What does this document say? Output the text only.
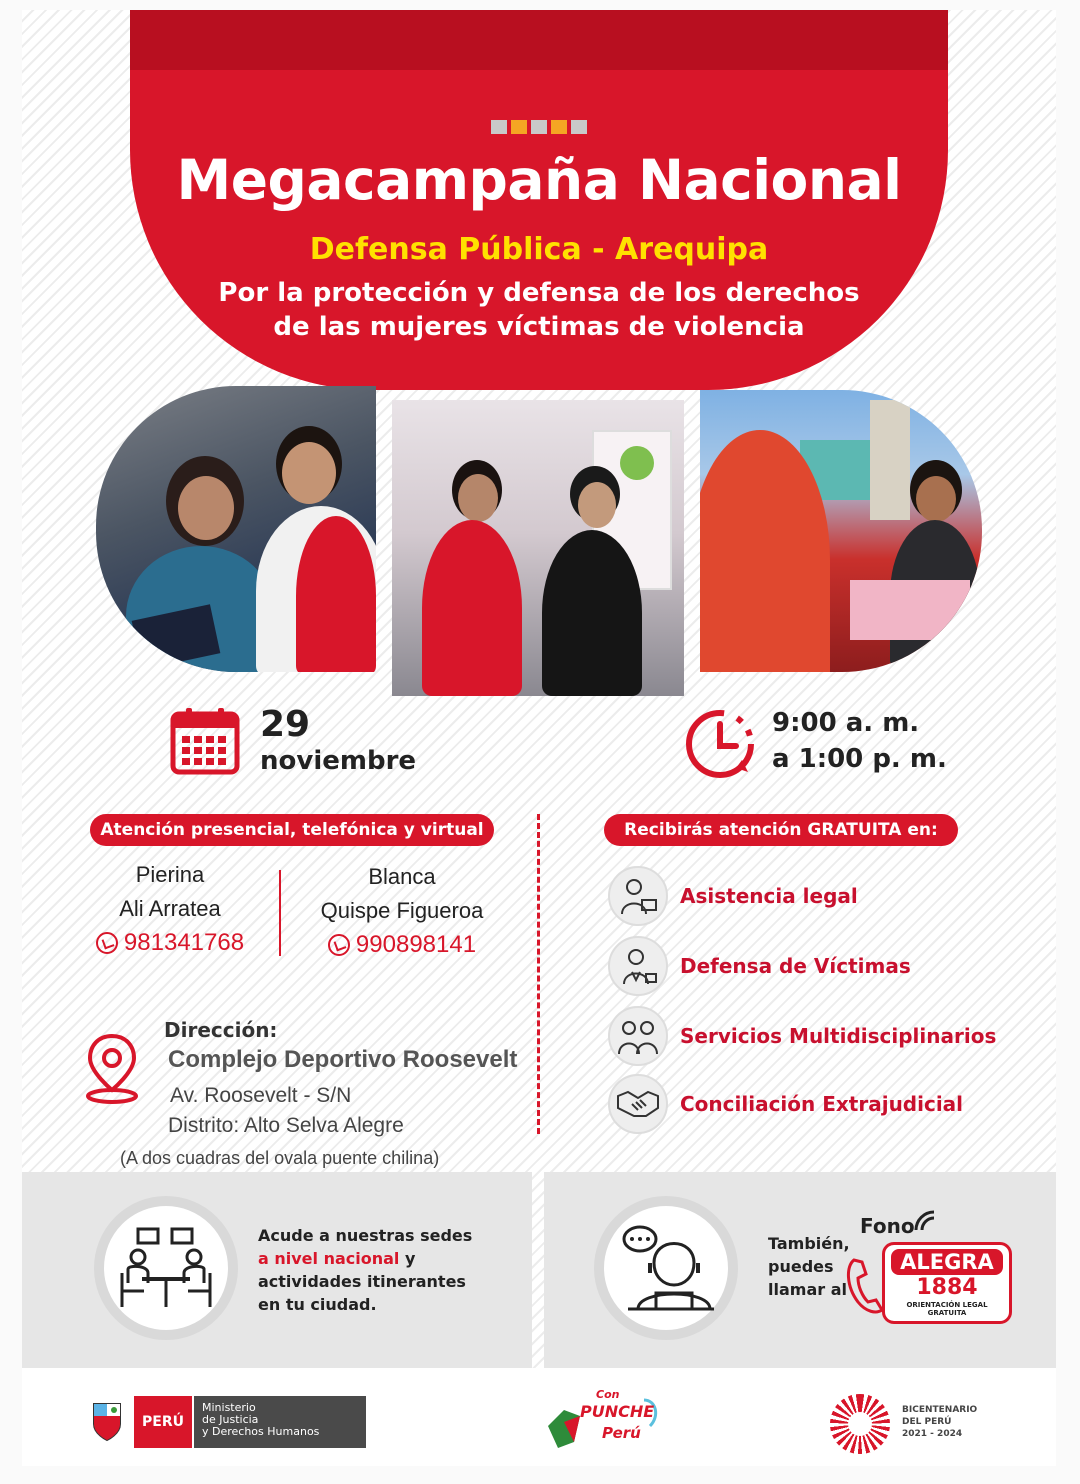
Megacampaña Nacional
Defensa Pública - Arequipa
Por la protección y defensa de los derechos
de las mujeres víctimas de violencia
29
noviembre
9:00 a. m.
a 1:00 p. m.
Atención presencial, telefónica y virtual	Recibirás atención GRATUITA en:
Pierina
Ali Arratea
981341768
Blanca
Quispe Figueroa
990898141
Dirección:
Complejo Deportivo Roosevelt
Av. Roosevelt - S/N
Distrito: Alto Selva Alegre
(A dos cuadras del ovala puente chilina)
Asistencia legal
Defensa de Víctimas
Servicios Multidisciplinarios
Conciliación Extrajudicial
Acude a nuestras sedes
a nivel nacional y
actividades itinerantes
en tu ciudad.
También,
puedes
llamar al
Fono
ALEGRA
1884
ORIENTACIÓN LEGAL
GRATUITA
PERÚ
Ministerio
de Justicia
y Derechos Humanos
Con
PUNCHE
Perú
BICENTENARIO
DEL PERÚ
2021 - 2024
